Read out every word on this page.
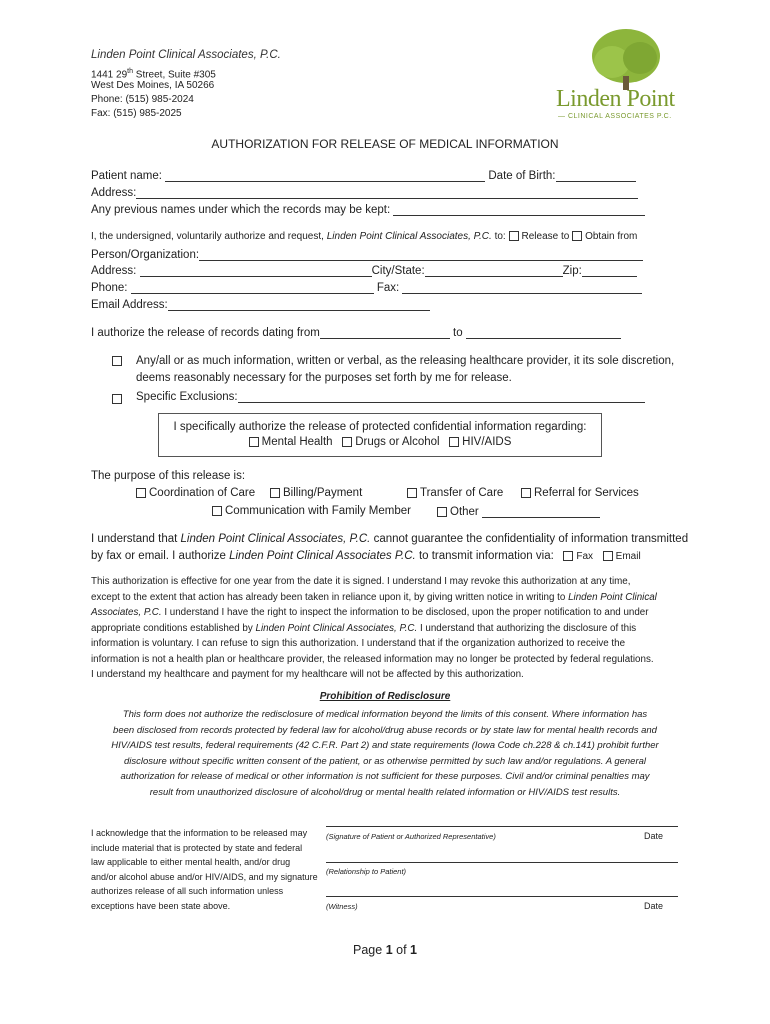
Linden Point Clinical Associates, P.C.
1441 29th Street, Suite #305
West Des Moines, IA 50266
Phone: (515) 985-2024
Fax: (515) 985-2025
Linden Point
— CLINICAL ASSOCIATES P.C.
AUTHORIZATION FOR RELEASE OF MEDICAL INFORMATION
Patient name:	Date of Birth:
Address:
Any previous names under which the records may be kept:
I, the undersigned, voluntarily authorize and request, Linden Point Clinical Associates, P.C. to: Release to Obtain from
Person/Organization:
Address:	City/State:	Zip:
Phone:	Fax:
Email Address:
I authorize the release of records dating from	to
Any/all or as much information, written or verbal, as the releasing healthcare provider, it its sole discretion, deems reasonably necessary for the purposes set forth by me for release.
Specific Exclusions:
I specifically authorize the release of protected confidential information regarding:
Mental Health Drugs or Alcohol HIV/AIDS
The purpose of this release is:
Coordination of Care	Billing/Payment	Transfer of Care	Referral for Services
Communication with Family Member	Other
I understand that Linden Point Clinical Associates, P.C. cannot guarantee the confidentiality of information transmitted
by fax or email. I authorize Linden Point Clinical Associates P.C. to transmit information via: Fax Email
This authorization is effective for one year from the date it is signed. I understand I may revoke this authorization at any time,
except to the extent that action has already been taken in reliance upon it, by giving written notice in writing to Linden Point Clinical
Associates, P.C. I understand I have the right to inspect the information to be disclosed, upon the proper notification to and under
appropriate conditions established by Linden Point Clinical Associates, P.C. I understand that authorizing the disclosure of this
information is voluntary. I can refuse to sign this authorization. I understand that if the organization authorized to receive the
information is not a health plan or healthcare provider, the released information may no longer be protected by federal regulations.
I understand my healthcare and payment for my healthcare will not be affected by this authorization.
Prohibition of Redisclosure
This form does not authorize the redisclosure of medical information beyond the limits of this consent. Where information has
been disclosed from records protected by federal law for alcohol/drug abuse records or by state law for mental health records and
HIV/AIDS test results, federal requirements (42 C.F.R. Part 2) and state requirements (Iowa Code ch.228 & ch.141) prohibit further
disclosure without specific written consent of the patient, or as otherwise permitted by such law and/or regulations. A general
authorization for release of medical or other information is not sufficient for these purposes. Civil and/or criminal penalties may
result from unauthorized disclosure of alcohol/drug or mental health related information or HIV/AIDS test results.
I acknowledge that the information to be released may
include material that is protected by state and federal
law applicable to either mental health, and/or drug
and/or alcohol abuse and/or HIV/AIDS, and my signature
authorizes release of all such information unless
exceptions have been state above.
(Signature of Patient or Authorized Representative)	Date
(Relationship to Patient)
(Witness)	Date
Page 1 of 1
